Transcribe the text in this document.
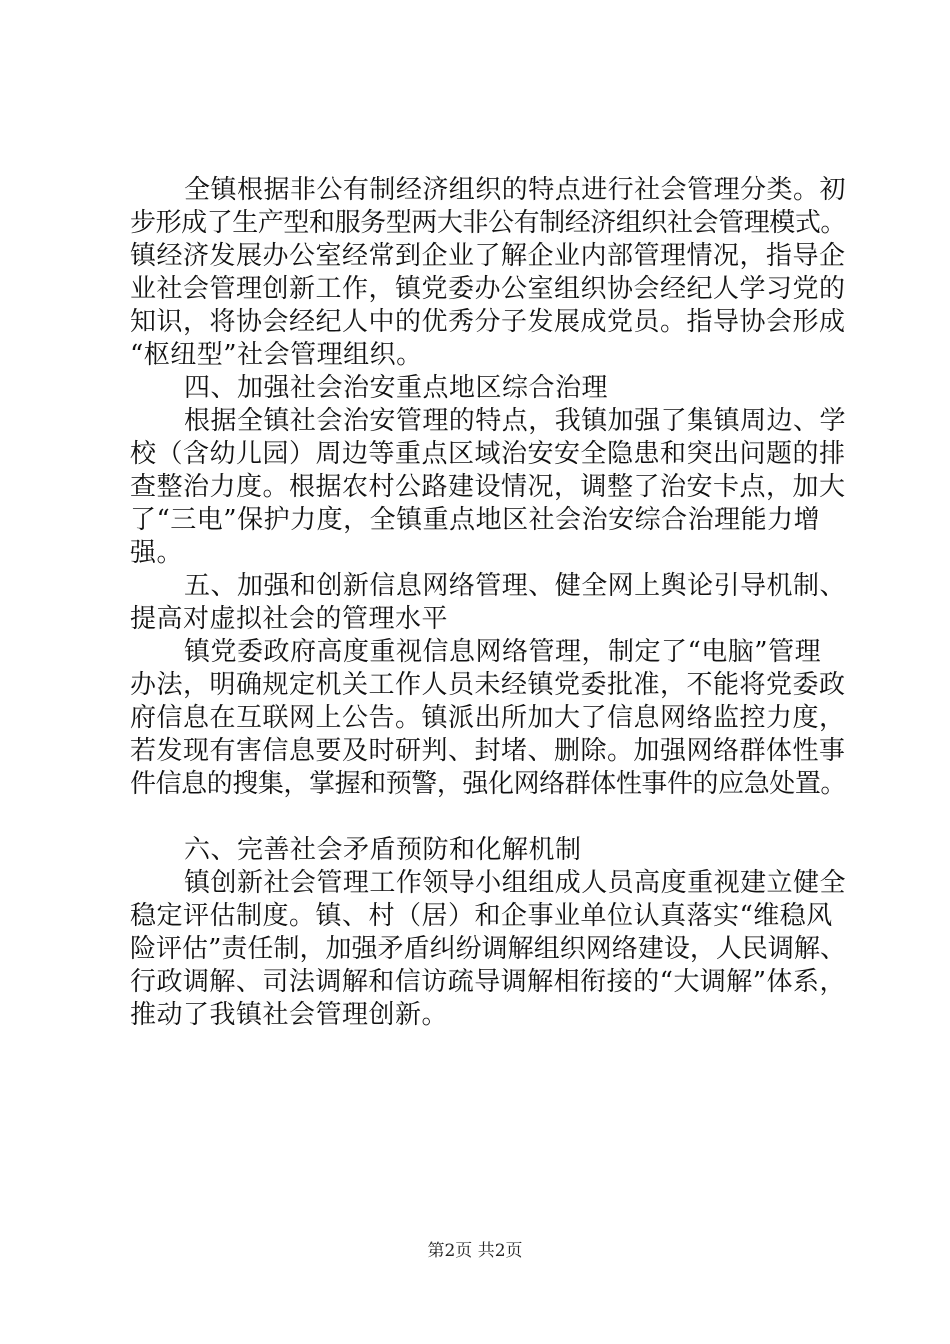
全镇根据非公有制经济组织的特点进行社会管理分类。初
步形成了生产型和服务型两大非公有制经济组织社会管理模式。
镇经济发展办公室经常到企业了解企业内部管理情况，指导企
业社会管理创新工作，镇党委办公室组织协会经纪人学习党的
知识，将协会经纪人中的优秀分子发展成党员。指导协会形成
“枢纽型”社会管理组织。
四、加强社会治安重点地区综合治理
根据全镇社会治安管理的特点，我镇加强了集镇周边、学
校（含幼儿园）周边等重点区域治安安全隐患和突出问题的排
查整治力度。根据农村公路建设情况，调整了治安卡点，加大
了“三电”保护力度，全镇重点地区社会治安综合治理能力增
强。
五、加强和创新信息网络管理、健全网上舆论引导机制、
提高对虚拟社会的管理水平
镇党委政府高度重视信息网络管理，制定了“电脑”管理
办法，明确规定机关工作人员未经镇党委批准，不能将党委政
府信息在互联网上公告。镇派出所加大了信息网络监控力度，
若发现有害信息要及时研判、封堵、删除。加强网络群体性事
件信息的搜集，掌握和预警，强化网络群体性事件的应急处置。
六、完善社会矛盾预防和化解机制
镇创新社会管理工作领导小组组成人员高度重视建立健全
稳定评估制度。镇、村（居）和企事业单位认真落实“维稳风
险评估”责任制，加强矛盾纠纷调解组织网络建设，人民调解、
行政调解、司法调解和信访疏导调解相衔接的“大调解”体系，
推动了我镇社会管理创新。
第2页 共2页
